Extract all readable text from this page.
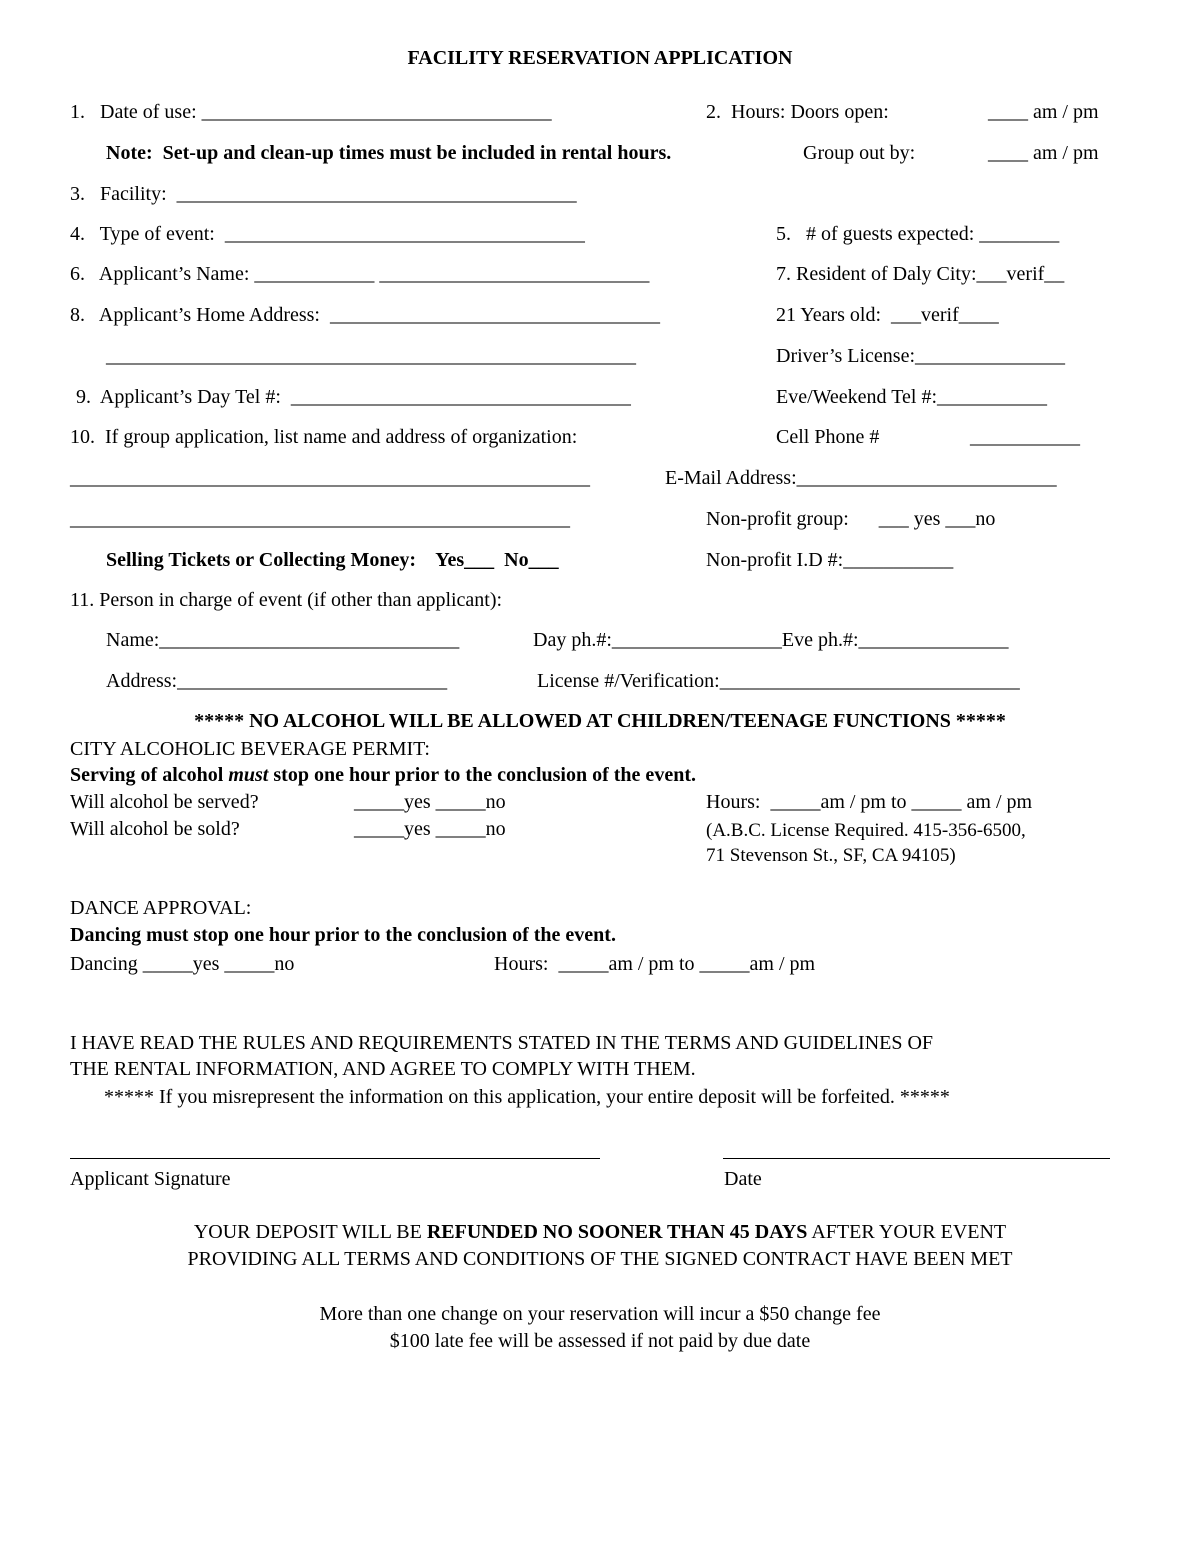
FACILITY RESERVATION APPLICATION
1.   Date of use: ___________________________________	2.  Hours: Doors open:	____ am / pm
Note:  Set-up and clean-up times must be included in rental hours.	Group out by:	____ am / pm
3.   Facility:  ________________________________________
4.   Type of event:  ____________________________________	5.   # of guests expected: ________
6.   Applicant’s Name: ____________ ___________________________	7. Resident of Daly City:___verif__
8.   Applicant’s Home Address:  _________________________________	21 Years old:  ___verif____
_____________________________________________________	Driver’s License:_______________
9.  Applicant’s Day Tel #:  __________________________________	Eve/Weekend Tel #:___________
10.  If group application, list name and address of organization:	Cell Phone #	___________
____________________________________________________	E-Mail Address:__________________________
__________________________________________________	Non-profit group:      ___ yes ___no
Selling Tickets or Collecting Money:    Yes___  No___	Non-profit I.D #:___________
11. Person in charge of event (if other than applicant):
Name:______________________________	Day ph.#:_________________Eve ph.#:_______________
Address:___________________________	License #/Verification:______________________________
***** NO ALCOHOL WILL BE ALLOWED AT CHILDREN/TEENAGE FUNCTIONS *****
CITY ALCOHOLIC BEVERAGE PERMIT:
Serving of alcohol must stop one hour prior to the conclusion of the event.
Will alcohol be served?	_____yes _____no	Hours:  _____am / pm to _____ am / pm
Will alcohol be sold?	_____yes _____no	(A.B.C. License Required. 415-356-6500,
71 Stevenson St., SF, CA 94105)
DANCE APPROVAL:
Dancing must stop one hour prior to the conclusion of the event.
Dancing _____yes _____no	Hours:  _____am / pm to _____am / pm
I HAVE READ THE RULES AND REQUIREMENTS STATED IN THE TERMS AND GUIDELINES OF
THE RENTAL INFORMATION, AND AGREE TO COMPLY WITH THEM.
***** If you misrepresent the information on this application, your entire deposit will be forfeited. *****
Applicant Signature	Date
YOUR DEPOSIT WILL BE REFUNDED NO SOONER THAN 45 DAYS AFTER YOUR EVENT
PROVIDING ALL TERMS AND CONDITIONS OF THE SIGNED CONTRACT HAVE BEEN MET
More than one change on your reservation will incur a $50 change fee
$100 late fee will be assessed if not paid by due date
